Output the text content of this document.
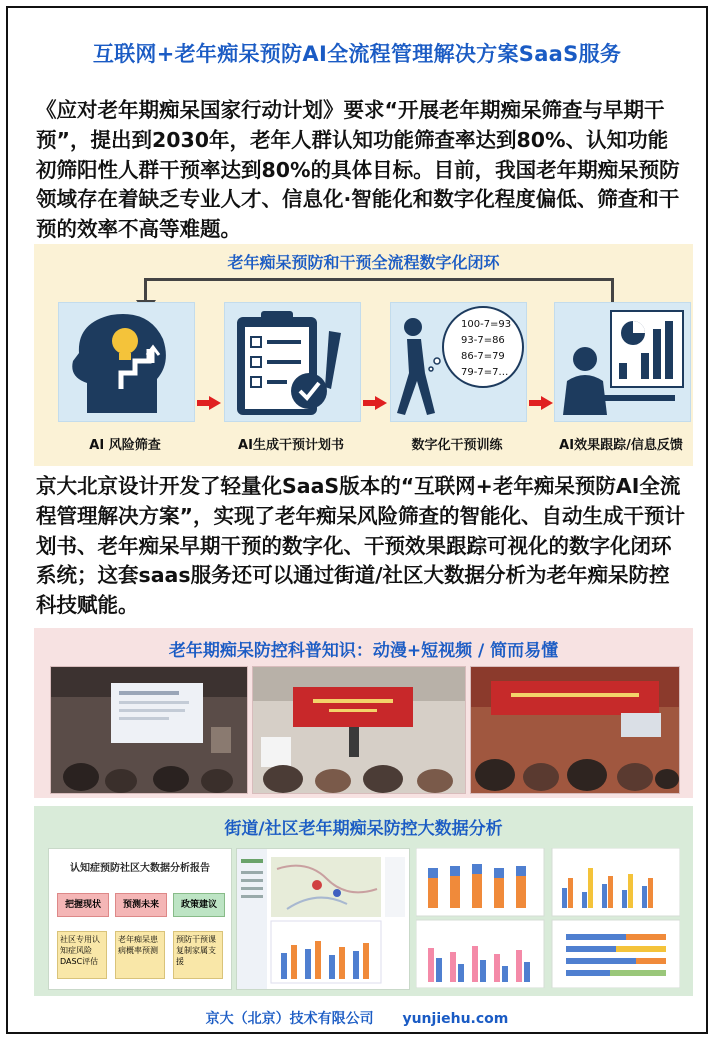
互联网+老年痴呆预防AI全流程管理解决方案SaaS服务
《应对老年期痴呆国家行动计划》要求“开展老年期痴呆筛查与早期干预”，提出到2030年，老年人群认知功能筛查率达到80%、认知功能初筛阳性人群干预率达到80%的具体目标。目前，我国老年期痴呆预防领域存在着缺乏专业人才、信息化·智能化和数字化程度偏低、筛查和干预的效率不高等难题。
老年痴呆预防和干预全流程数字化闭环
100-7=93
93-7=86
86-7=79
79-7=7…
AI 风险筛查	AI生成干预计划书	数字化干预训练	AI效果跟踪/信息反馈
京大北京设计开发了轻量化SaaS版本的“互联网+老年痴呆预防AI全流程管理解决方案”，实现了老年痴呆风险筛查的智能化、自动生成干预计划书、老年痴呆早期干预的数字化、干预效果跟踪可视化的数字化闭环系统；这套saas服务还可以通过街道/社区大数据分析为老年痴呆防控科技赋能。
老年期痴呆防控科普知识：动漫+短视频 / 简而易懂
街道/社区老年期痴呆防控大数据分析
认知症预防社区大数据分析报告
把握现状	预测未来	政策建议
社区专用认知症风险DASC评估
老年痴呆患病概率预测
预防干预课复制家属支援
京大（北京）技术有限公司 yunjiehu.com
